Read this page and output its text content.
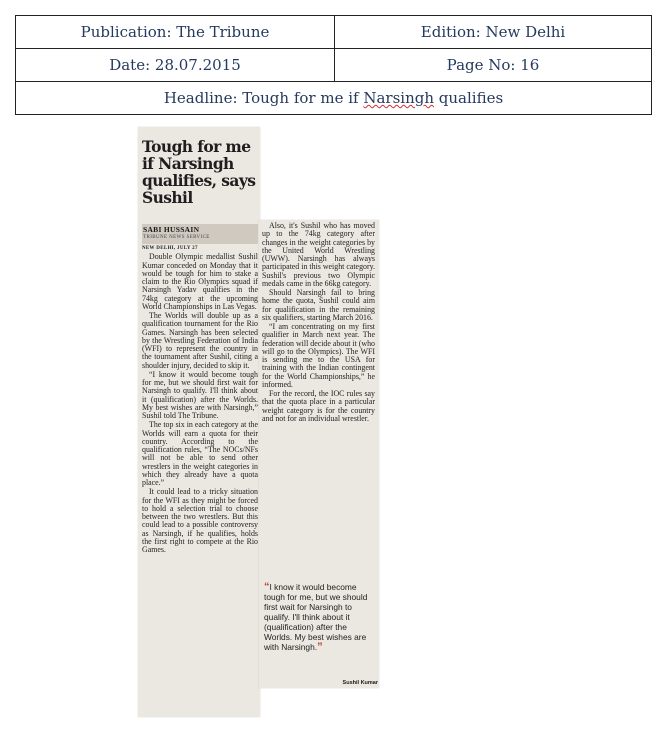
Publication: The Tribune	Edition: New Delhi
Date: 28.07.2015	Page No: 16
Headline: Tough for me if Narsingh qualifies	
Tough for me if Narsingh qualifies, says Sushil
SABI HUSSAIN
TRIBUNE NEWS SERVICE
NEW DELHI, JULY 27

Double Olympic medallist Sushil Kumar conceded on Monday that it would be tough for him to stake a claim to the Rio Olympics squad if Narsingh Yadav qualifies in the 74kg category at the upcoming World Championships in Las Vegas.

The Worlds will double up as a qualification tournament for the Rio Games. Narsingh has been selected by the Wrestling Federation of India (WFI) to represent the country in the tournament after Sushil, citing a shoulder injury, decided to skip it.

“I know it would become tough for me, but we should first wait for Narsingh to qualify. I'll think about it (qualification) after the Worlds. My best wishes are with Narsingh,” Sushil told The Tribune.

The top six in each category at the Worlds will earn a quota for their country. According to the qualification rules, “The NOCs/NFs will not be able to send other wrestlers in the weight categories in which they already have a quota place.”

It could lead to a tricky situation for the WFI as they might be forced to hold a selection trial to choose between the two wrestlers. But this could lead to a possible controversy as Narsingh, if he qualifies, holds the first right to compete at the Rio Games.

Also, it's Sushil who has moved up to the 74kg category after changes in the weight categories by the United World Wrestling (UWW). Narsingh has always participated in this weight category. Sushil's previous two Olympic medals came in the 66kg category.

Should Narsingh fail to bring home the quota, Sushil could aim for qualification in the remaining six qualifiers, starting March 2016.

“I am concentrating on my first qualifier in March next year. The federation will decide about it (who will go to the Olympics). The WFI is sending me to the USA for training with the Indian contingent for the World Championships,” he informed.

For the record, the IOC rules say that the quota place in a particular weight category is for the country and not for an individual wrestler.

“I know it would become tough for me, but we should first wait for Narsingh to qualify. I'll think about it (qualification) after the Worlds. My best wishes are with Narsingh.”

Sushil Kumar
